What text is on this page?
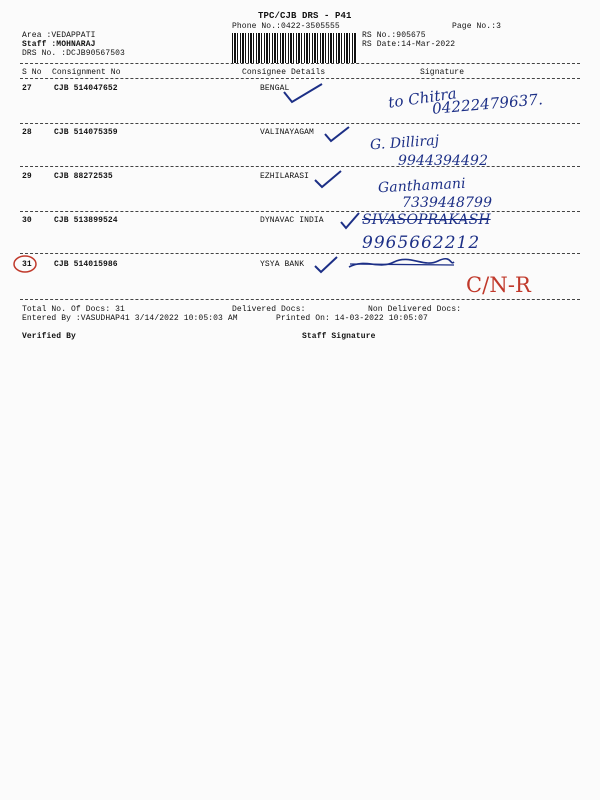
TPC/CJB DRS - P41
Phone No.:0422-3505555	Page No.:3
Area :VEDAPPATI
Staff :MOHNARAJ
DRS No. :DCJB90567503
RS No.:905675
RS Date:14-Mar-2022
S No Consignment No	Consignee Details	Signature
27	CJB 514047652	BENGAL	to Chitra
04222479637.
28	CJB 514075359	VALINAYAGAM
G. Dilliraj
9944394492
29	CJB 88272535	EZHILARASI	Ganthamani
7339448799
30	CJB 513899524	DYNAVAC INDIA	SIVASOPRAKASH
9965662212
31	CJB 514015986	YSYA BANK
C/N-R
Total No. Of Docs: 31	Delivered Docs:	Non Delivered Docs:
Entered By :VASUDHAP41 3/14/2022 10:05:03 AM	Printed On: 14-03-2022 10:05:07
Verified By	Staff Signature
